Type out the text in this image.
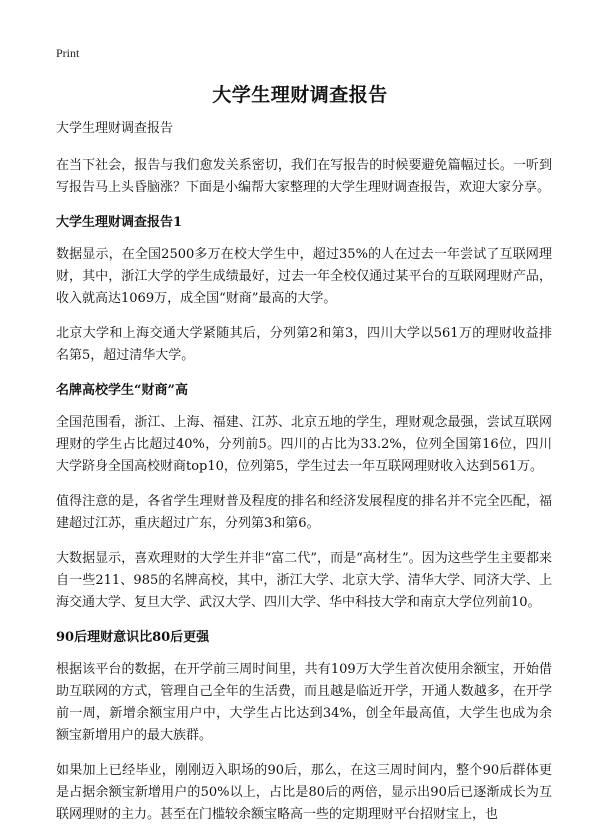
Print
大学生理财调查报告

大学生理财调查报告

在当下社会，报告与我们愈发关系密切，我们在写报告的时候要避免篇幅过长。一听到写报告马上头昏脑涨？下面是小编帮大家整理的大学生理财调查报告，欢迎大家分享。

大学生理财调查报告1

数据显示，在全国2500多万在校大学生中，超过35%的人在过去一年尝试了互联网理财，其中，浙江大学的学生成绩最好，过去一年全校仅通过某平台的互联网理财产品，收入就高达1069万，成全国“财商”最高的大学。

北京大学和上海交通大学紧随其后，分列第2和第3，四川大学以561万的理财收益排名第5，超过清华大学。

名牌高校学生“财商”高

全国范围看，浙江、上海、福建、江苏、北京五地的学生，理财观念最强，尝试互联网理财的学生占比超过40%，分列前5。四川的占比为33.2%，位列全国第16位，四川大学跻身全国高校财商top10，位列第5，学生过去一年互联网理财收入达到561万。

值得注意的是，各省学生理财普及程度的排名和经济发展程度的排名并不完全匹配，福建超过江苏，重庆超过广东，分列第3和第6。

大数据显示，喜欢理财的大学生并非“富二代”，而是“高材生”。因为这些学生主要都来自一些211、985的名牌高校，其中，浙江大学、北京大学、清华大学、同济大学、上海交通大学、复旦大学、武汉大学、四川大学、华中科技大学和南京大学位列前10。

90后理财意识比80后更强

根据该平台的数据，在开学前三周时间里，共有109万大学生首次使用余额宝，开始借助互联网的方式，管理自己全年的生活费，而且越是临近开学，开通人数越多，在开学前一周，新增余额宝用户中，大学生占比达到34%，创全年最高值，大学生也成为余额宝新增用户的最大族群。

如果加上已经毕业，刚刚迈入职场的90后，那么，在这三周时间内，整个90后群体更是占据余额宝新增用户的50%以上，占比是80后的两倍，显示出90后已逐渐成长为互联网理财的主力。甚至在门槛较余额宝略高一些的定期理财平台招财宝上，也
